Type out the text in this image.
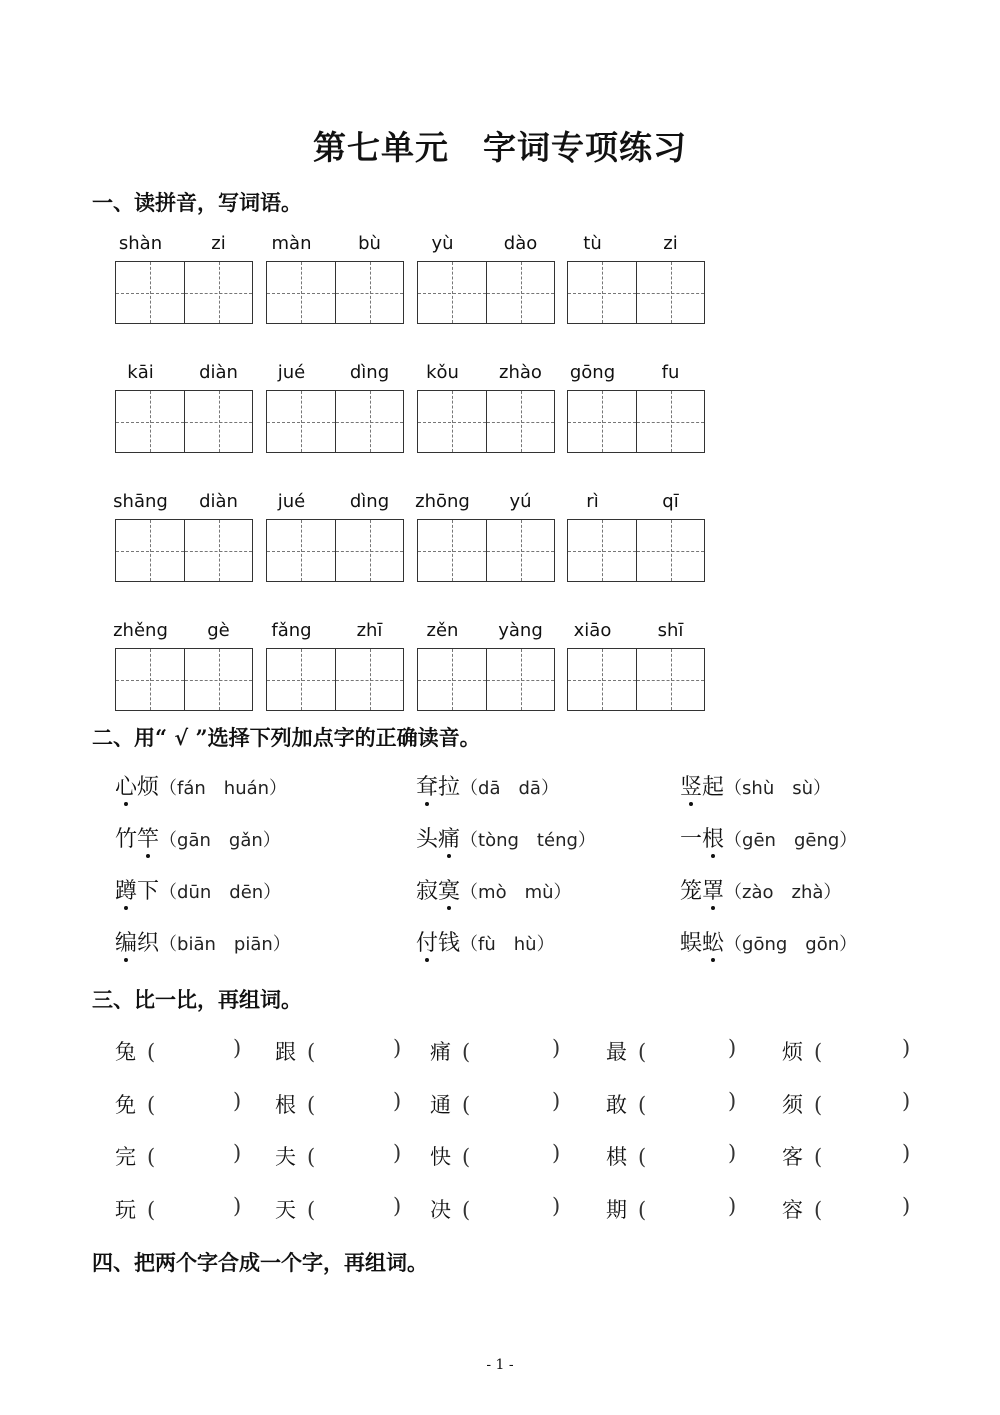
第七单元　字词专项练习
一、读拼音，写词语。
shàn	zi	màn	bù	yù	dào	tù	zi
kāi	diàn	jué	dìng	kǒu	zhào	gōng	fu
shāng	diàn	jué	dìng	zhōng	yú	rì	qī
zhěng	gè	fǎng	zhī	zěn	yàng	xiāo	shī
二、用“ √ ”选择下列加点字的正确读音。
心烦（fán　huán）	耷拉（dā　dā）	竖起（shù　sù）
竹竿（gān　gǎn）	头痛（tòng　téng）	一根（gēn　gēng）
蹲下（dūn　dēn）	寂寞（mò　mù）	笼罩（zào　zhà）
编织（biān　piān）	付钱（fù　hù）	蜈蚣（gōng　gōn）
三、比一比，再组词。
兔 (	) 跟 (	) 痛 (	) 最 (	) 烦 (	)
免 (	) 根 (	) 通 (	) 敢 (	) 须 (	)
完 (	) 夫 (	) 快 (	) 棋 (	) 客 (	)
玩 (	) 天 (	) 决 (	) 期 (	) 容 (	)
四、把两个字合成一个字，再组词。
- 1 -
